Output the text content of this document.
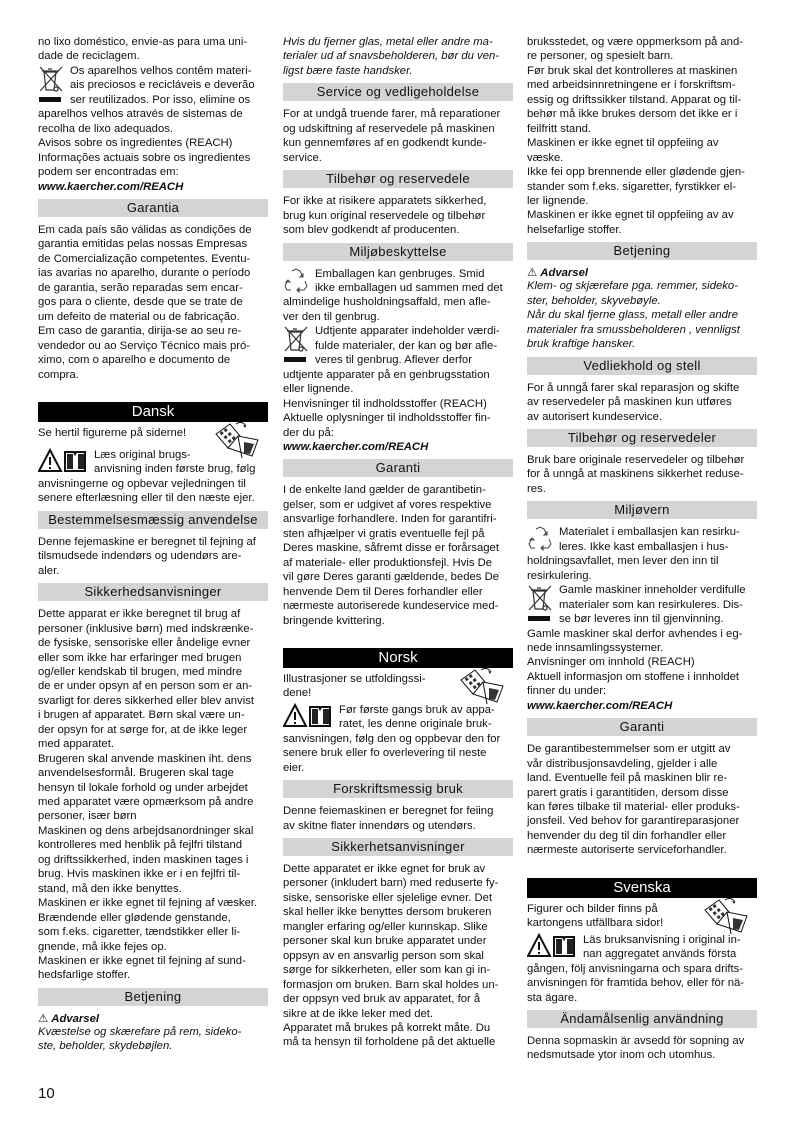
no lixo doméstico, envie-as para uma uni-
dade de reciclagem.
Os aparelhos velhos contêm materi-
ais preciosos e recicláveis e deverão
ser reutilizados. Por isso, elimine os
aparelhos velhos através de sistemas de
recolha de lixo adequados.
Avisos sobre os ingredientes (REACH)
Informações actuais sobre os ingredientes
podem ser encontradas em:
www.kaercher.com/REACH
Garantia
Em cada país são válidas as condições de
garantia emitidas pelas nossas Empresas
de Comercialização competentes. Eventu-
ias avarias no aparelho, durante o período
de garantia, serão reparadas sem encar-
gos para o cliente, desde que se trate de
um defeito de material ou de fabricação.
Em caso de garantia, dirija-se ao seu re-
vendedor ou ao Serviço Técnico mais pró-
ximo, com o aparelho e documento de
compra.
Dansk
Se hertil figurerne på siderne!
Læs original brugs-
anvisning inden første brug, følg
anvisningerne og opbevar vejledningen til
senere efterlæsning eller til den næste ejer.
Bestemmelsesmæssig anvendelse
Denne fejemaskine er beregnet til fejning af
tilsmudsede indendørs og udendørs are-
aler.
Sikkerhedsanvisninger
Dette apparat er ikke beregnet til brug af
personer (inklusive børn) med indskrænke-
de fysiske, sensoriske eller åndelige evner
eller som ikke har erfaringer med brugen
og/eller kendskab til brugen, med mindre
de er under opsyn af en person som er an-
svarligt for deres sikkerhed eller blev anvist
i brugen af apparatet. Børn skal være un-
der opsyn for at sørge for, at de ikke leger
med apparatet.
Brugeren skal anvende maskinen iht. dens
anvendelsesformål. Brugeren skal tage
hensyn til lokale forhold og under arbejdet
med apparatet være opmærksom på andre
personer, især børn
Maskinen og dens arbejdsanordninger skal
kontrolleres med henblik på fejlfri tilstand
og driftssikkerhed, inden maskinen tages i
brug. Hvis maskinen ikke er i en fejlfri til-
stand, må den ikke benyttes.
Maskinen er ikke egnet til fejning af væsker.
Brændende eller glødende genstande,
som f.eks. cigaretter, tændstikker eller li-
gnende, må ikke fejes op.
Maskinen er ikke egnet til fejning af sund-
hedsfarlige stoffer.
Betjening
⚠ Advarsel
Kvæstelse og skærefare på rem, sideko-
ste, beholder, skydebøjlen.
Hvis du fjerner glas, metal eller andre ma-
terialer ud af snavsbeholderen, bør du ven-
ligst bære faste handsker.
Service og vedligeholdelse
For at undgå truende farer, må reparationer
og udskiftning af reservedele på maskinen
kun gennemføres af en godkendt kunde-
service.
Tilbehør og reservedele
For ikke at risikere apparatets sikkerhed,
brug kun original reservedele og tilbehør
som blev godkendt af producenten.
Miljøbeskyttelse
Emballagen kan genbruges. Smid
ikke emballagen ud sammen med det
almindelige husholdningsaffald, men afle-
ver den til genbrug.
Udtjente apparater indeholder værdi-
fulde materialer, der kan og bør afle-
veres til genbrug. Aflever derfor
udtjente apparater på en genbrugsstation
eller lignende.
Henvisninger til indholdsstoffer (REACH)
Aktuelle oplysninger til indholdsstoffer fin-
der du på:
www.kaercher.com/REACH
Garanti
I de enkelte land gælder de garantibetin-
gelser, som er udgivet af vores respektive
ansvarlige forhandlere. Inden for garantifri-
sten afhjælper vi gratis eventuelle fejl på
Deres maskine, såfremt disse er forårsaget
af materiale- eller produktionsfejl. Hvis De
vil gøre Deres garanti gældende, bedes De
henvende Dem til Deres forhandler eller
nærmeste autoriserede kundeservice med-
bringende kvittering.
Norsk
Illustrasjoner se utfoldingssi-
dene!
Før første gangs bruk av appa-
ratet, les denne originale bruk-
sanvisningen, følg den og oppbevar den for
senere bruk eller fo overlevering til neste
eier.
Forskriftsmessig bruk
Denne feiemaskinen er beregnet for feiing
av skitne flater innendørs og utendørs.
Sikkerhetsanvisninger
Dette apparatet er ikke egnet for bruk av
personer (inkludert barn) med reduserte fy-
siske, sensoriske eller sjelelige evner. Det
skal heller ikke benyttes dersom brukeren
mangler erfaring og/eller kunnskap. Slike
personer skal kun bruke apparatet under
oppsyn av en ansvarlig person som skal
sørge for sikkerheten, eller som kan gi in-
formasjon om bruken. Barn skal holdes un-
der oppsyn ved bruk av apparatet, for å
sikre at de ikke leker med det.
Apparatet må brukes på korrekt måte. Du
må ta hensyn til forholdene på det aktuelle
bruksstedet, og være oppmerksom på and-
re personer, og spesielt barn.
Før bruk skal det kontrolleres at maskinen
med arbeidsinnretningene er i forskriftsm-
essig og driftssikker tilstand. Apparat og til-
behør må ikke brukes dersom det ikke er i
feilfritt stand.
Maskinen er ikke egnet til oppfeiing av
væske.
Ikke fei opp brennende eller glødende gjen-
stander som f.eks. sigaretter, fyrstikker el-
ler lignende.
Maskinen er ikke egnet til oppfeiing av av
helsefarlige stoffer.
Betjening
⚠ Advarsel
Klem- og skjærefare pga. remmer, sideko-
ster, beholder, skyvebøyle.
Når du skal fjerne glass, metall eller andre
materialer fra smussbeholderen , vennligst
bruk kraftige hansker.
Vedliekhold og stell
For å unngå farer skal reparasjon og skifte
av reservedeler på maskinen kun utføres
av autorisert kundeservice.
Tilbehør og reservedeler
Bruk bare originale reservedeler og tilbehør
for å unngå at maskinens sikkerhet reduse-
res.
Miljøvern
Materialet i emballasjen kan resirku-
leres. Ikke kast emballasjen i hus-
holdningsavfallet, men lever den inn til
resirkulering.
Gamle maskiner inneholder verdifulle
materialer som kan resirkuleres. Dis-
se bør leveres inn til gjenvinning.
Gamle maskiner skal derfor avhendes i eg-
nede innsamlingssystemer.
Anvisninger om innhold (REACH)
Aktuell informasjon om stoffene i innholdet
finner du under:
www.kaercher.com/REACH
Garanti
De garantibestemmelser som er utgitt av
vår distribusjonsavdeling, gjelder i alle
land. Eventuelle feil på maskinen blir re-
parert gratis i garantitiden, dersom disse
kan føres tilbake til material- eller produks-
jonsfeil. Ved behov for garantireparasjoner
henvender du deg til din forhandler eller
nærmeste autoriserte serviceforhandler.
Svenska
Figurer och bilder finns på
kartongens utfällbara sidor!
Läs bruksanvisning i original in-
nan aggregatet används första
gången, följ anvisningarna och spara drifts-
anvisningen för framtida behov, eller för nä-
sta ägare.
Ändamålsenlig användning
Denna sopmaskin är avsedd för sopning av
nedsmutsade ytor inom och utomhus.
10
